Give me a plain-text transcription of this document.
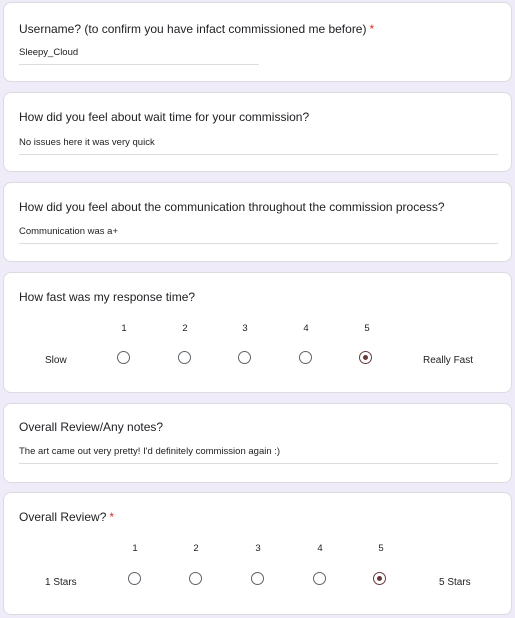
Username? (to confirm you have infact commissioned me before) *
Sleepy_Cloud
How did you feel about wait time for your commission?
No issues here it was very quick
How did you feel about the communication throughout the commission process?
Communication was a+
How fast was my response time?
1	2	3	4	5
Slow	Really Fast
Overall Review/Any notes?
The art came out very pretty! I'd definitely commission again :)
Overall Review? *
1	2	3	4	5
1 Stars	5 Stars
